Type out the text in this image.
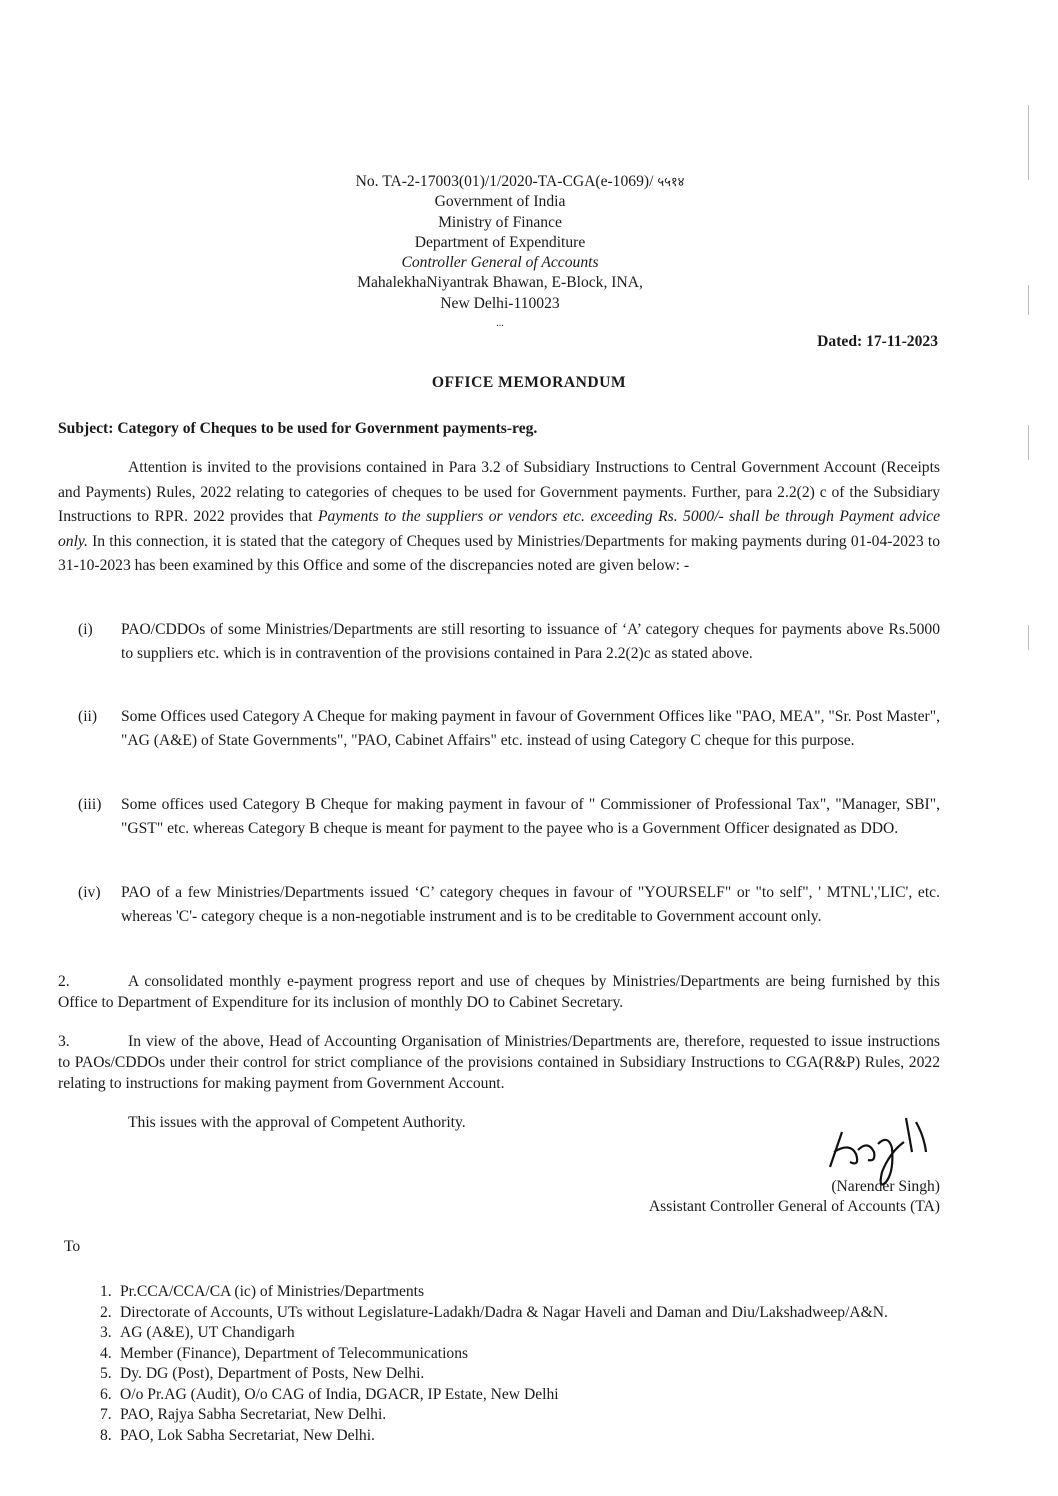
No. TA-2-17003(01)/1/2020-TA-CGA(e-1069)/ ५५१४
Government of India
Ministry of Finance
Department of Expenditure
Controller General of Accounts
MahalekhaNiyantrak Bhawan, E-Block, INA,
New Delhi-110023
...
Dated: 17-11-2023
OFFICE MEMORANDUM
Subject: Category of Cheques to be used for Government payments-reg.
Attention is invited to the provisions contained in Para 3.2 of Subsidiary Instructions to Central Government Account (Receipts and Payments) Rules, 2022 relating to categories of cheques to be used for Government payments. Further, para 2.2(2) c of the Subsidiary Instructions to RPR. 2022 provides that Payments to the suppliers or vendors etc. exceeding Rs. 5000/- shall be through Payment advice only. In this connection, it is stated that the category of Cheques used by Ministries/Departments for making payments during 01-04-2023 to 31-10-2023 has been examined by this Office and some of the discrepancies noted are given below: -
(i)	PAO/CDDOs of some Ministries/Departments are still resorting to issuance of ‘A’ category cheques for payments above Rs.5000 to suppliers etc. which is in contravention of the provisions contained in Para 2.2(2)c as stated above.
(ii)	Some Offices used Category A Cheque for making payment in favour of Government Offices like "PAO, MEA", "Sr. Post Master", "AG (A&E) of State Governments", "PAO, Cabinet Affairs" etc. instead of using Category C cheque for this purpose.
(iii)	Some offices used Category B Cheque for making payment in favour of " Commissioner of Professional Tax", "Manager, SBI", "GST" etc. whereas Category B cheque is meant for payment to the payee who is a Government Officer designated as DDO.
(iv)	PAO of a few Ministries/Departments issued ‘C’ category cheques in favour of "YOURSELF" or "to self", ' MTNL','LIC', etc. whereas 'C'- category cheque is a non-negotiable instrument and is to be creditable to Government account only.
2.	A consolidated monthly e-payment progress report and use of cheques by Ministries/Departments are being furnished by this Office to Department of Expenditure for its inclusion of monthly DO to Cabinet Secretary.
3.	In view of the above, Head of Accounting Organisation of Ministries/Departments are, therefore, requested to issue instructions to PAOs/CDDOs under their control for strict compliance of the provisions contained in Subsidiary Instructions to CGA(R&P) Rules, 2022 relating to instructions for making payment from Government Account.
This issues with the approval of Competent Authority.
(Narender Singh)
Assistant Controller General of Accounts (TA)
To
1. Pr.CCA/CCA/CA (ic) of Ministries/Departments
2. Directorate of Accounts, UTs without Legislature-Ladakh/Dadra & Nagar Haveli and Daman and Diu/Lakshadweep/A&N.
3. AG (A&E), UT Chandigarh
4. Member (Finance), Department of Telecommunications
5. Dy. DG (Post), Department of Posts, New Delhi.
6. O/o Pr.AG (Audit), O/o CAG of India, DGACR, IP Estate, New Delhi
7. PAO, Rajya Sabha Secretariat, New Delhi.
8. PAO, Lok Sabha Secretariat, New Delhi.
